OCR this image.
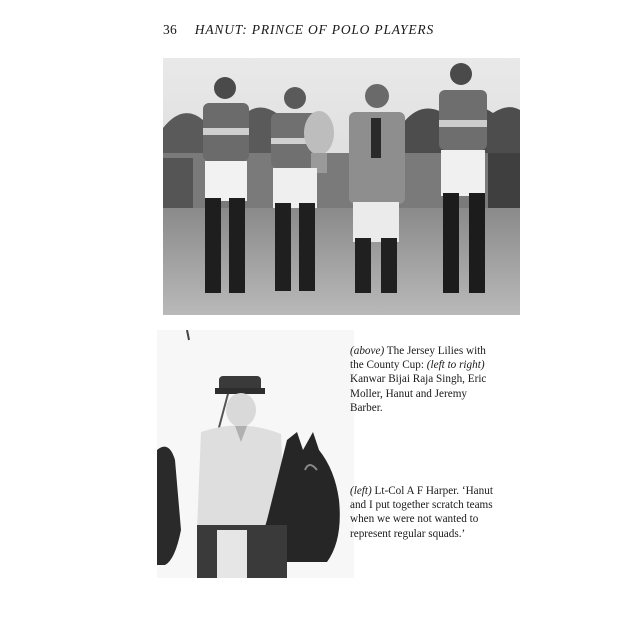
36 HANUT: PRINCE OF POLO PLAYERS
(above) The Jersey Lilies with the County Cup: (left to right) Kanwar Bijai Raja Singh, Eric Moller, Hanut and Jeremy Barber.
(left) Lt-Col A F Harper. ‘Hanut and I put together scratch teams when we were not wanted to represent regular squads.’
